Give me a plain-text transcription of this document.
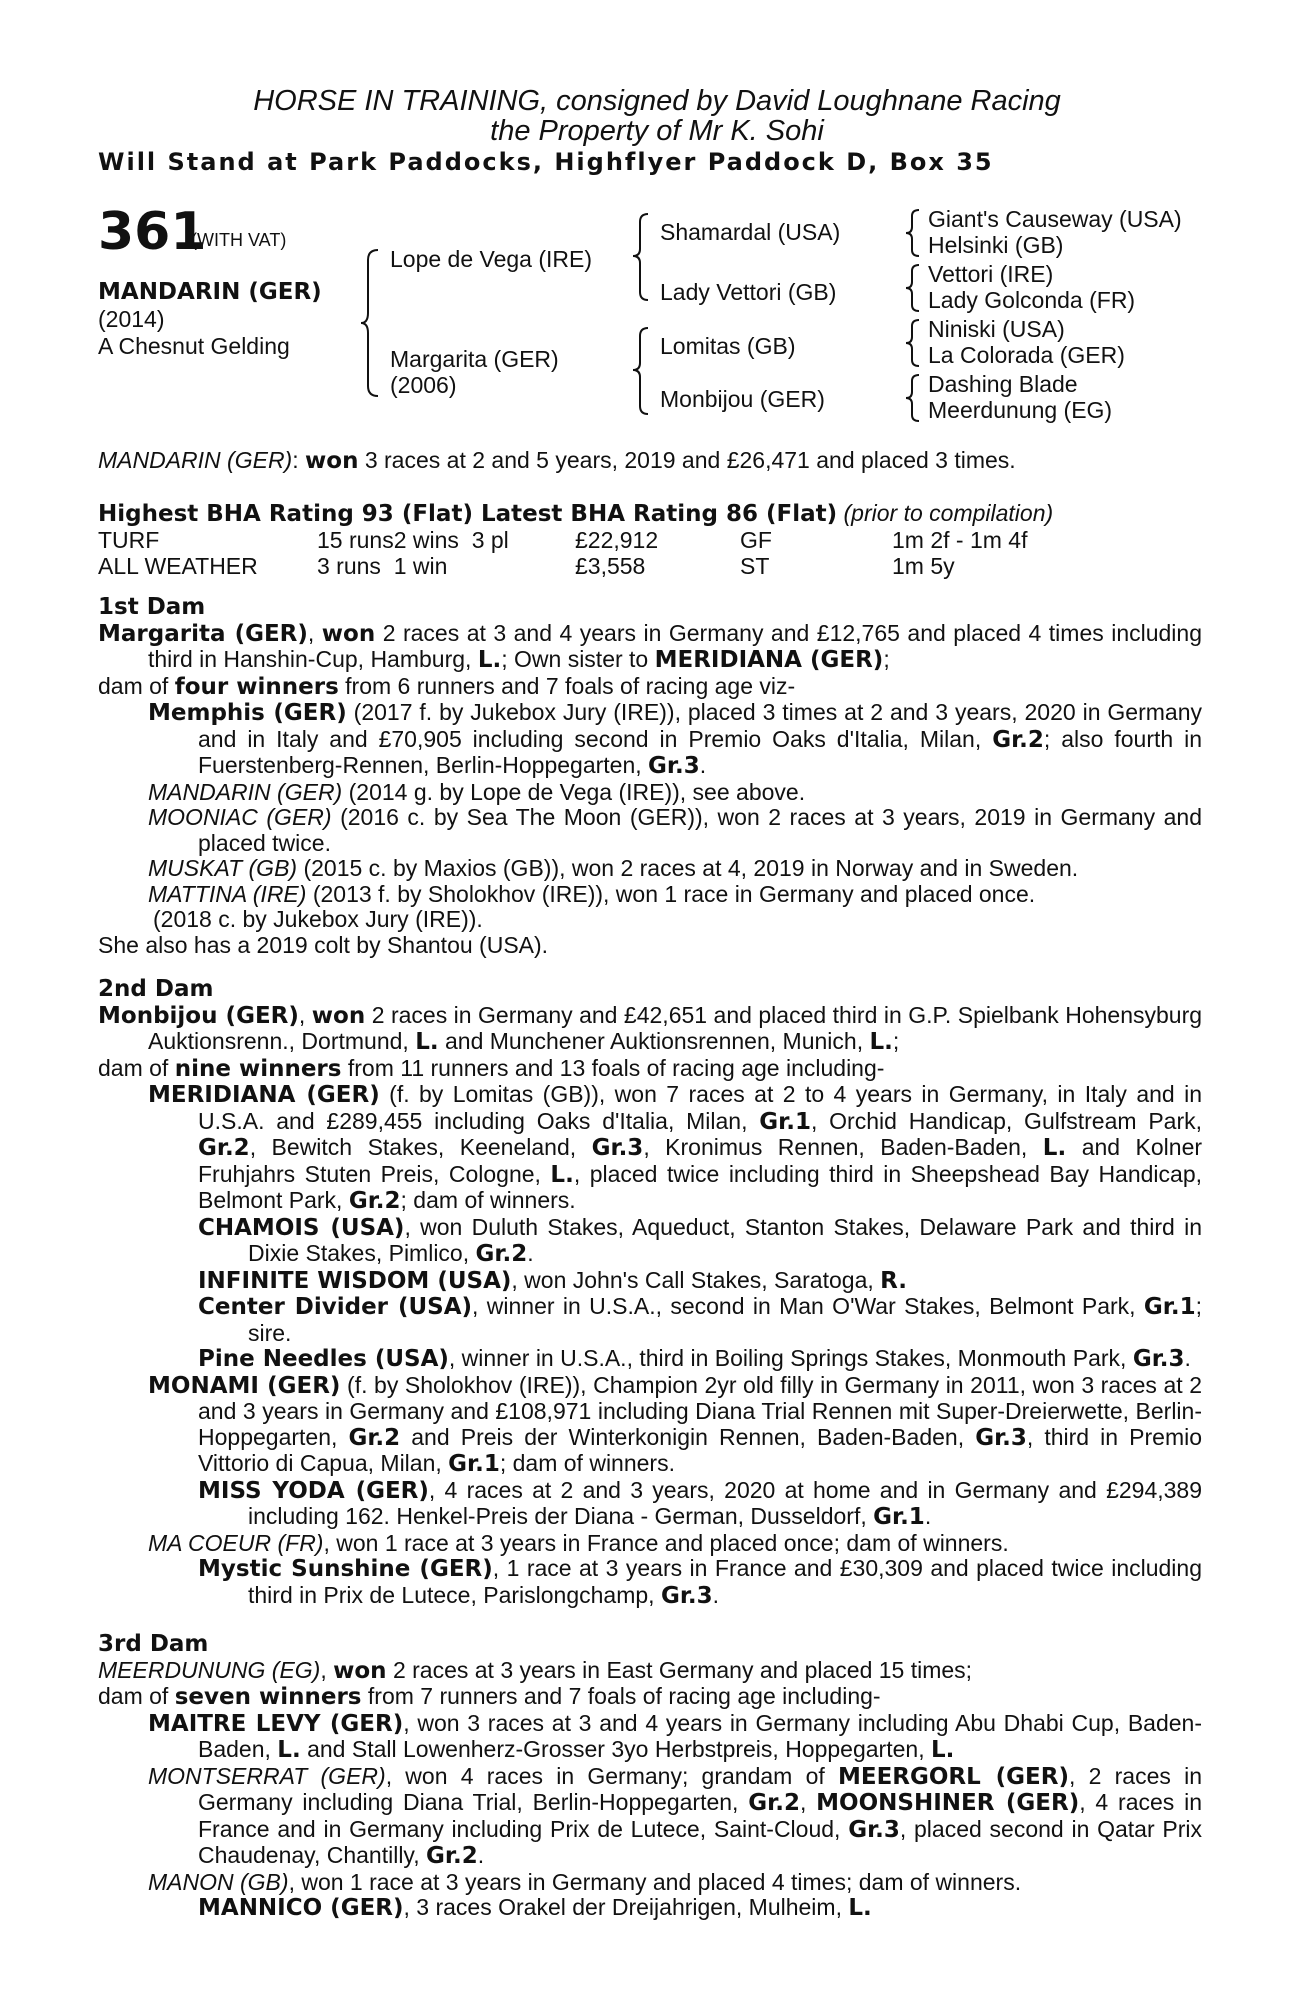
HORSE IN TRAINING, consigned by David Loughnane Racing
the Property of Mr K. Sohi
Will Stand at Park Paddocks, Highflyer Paddock D, Box 35
361
(WITH VAT)
MANDARIN (GER)
(2014)
A Chesnut Gelding
Lope de Vega (IRE)
Margarita (GER)
(2006)
Shamardal (USA)
Lady Vettori (GB)
Lomitas (GB)
Monbijou (GER)
Giant's Causeway (USA)
Helsinki (GB)
Vettori (IRE)
Lady Golconda (FR)
Niniski (USA)
La Colorada (GER)
Dashing Blade
Meerdunung (EG)
MANDARIN (GER): won 3 races at 2 and 5 years, 2019 and £26,471 and placed 3 times.
Highest BHA Rating 93 (Flat) Latest BHA Rating 86 (Flat) (prior to compilation)
TURF	15 runs2 wins  3 pl	£22,912	GF	1m 2f - 1m 4f
ALL WEATHER	3 runs  1 win	£3,558	ST	1m 5y
1st Dam
Margarita (GER), won 2 races at 3 and 4 years in Germany and £12,765 and placed 4 times including third in Hanshin-Cup, Hamburg, L.; Own sister to MERIDIANA (GER);
dam of four winners from 6 runners and 7 foals of racing age viz-
Memphis (GER) (2017 f. by Jukebox Jury (IRE)), placed 3 times at 2 and 3 years, 2020 in Germany and in Italy and £70,905 including second in Premio Oaks d'Italia, Milan, Gr.2; also fourth in Fuerstenberg-Rennen, Berlin-Hoppegarten, Gr.3.
MANDARIN (GER) (2014 g. by Lope de Vega (IRE)), see above.
MOONIAC (GER) (2016 c. by Sea The Moon (GER)), won 2 races at 3 years, 2019 in Germany and placed twice.
MUSKAT (GB) (2015 c. by Maxios (GB)), won 2 races at 4, 2019 in Norway and in Sweden.
MATTINA (IRE) (2013 f. by Sholokhov (IRE)), won 1 race in Germany and placed once.
(2018 c. by Jukebox Jury (IRE)).
She also has a 2019 colt by Shantou (USA).
2nd Dam
Monbijou (GER), won 2 races in Germany and £42,651 and placed third in G.P. Spielbank Hohensyburg Auktionsrenn., Dortmund, L. and Munchener Auktionsrennen, Munich, L.;
dam of nine winners from 11 runners and 13 foals of racing age including-
MERIDIANA (GER) (f. by Lomitas (GB)), won 7 races at 2 to 4 years in Germany, in Italy and in U.S.A. and £289,455 including Oaks d'Italia, Milan, Gr.1, Orchid Handicap, Gulfstream Park, Gr.2, Bewitch Stakes, Keeneland, Gr.3, Kronimus Rennen, Baden-Baden, L. and Kolner Fruhjahrs Stuten Preis, Cologne, L., placed twice including third in Sheepshead Bay Handicap, Belmont Park, Gr.2; dam of winners.
CHAMOIS (USA), won Duluth Stakes, Aqueduct, Stanton Stakes, Delaware Park and third in Dixie Stakes, Pimlico, Gr.2.
INFINITE WISDOM (USA), won John's Call Stakes, Saratoga, R.
Center Divider (USA), winner in U.S.A., second in Man O'War Stakes, Belmont Park, Gr.1; sire.
Pine Needles (USA), winner in U.S.A., third in Boiling Springs Stakes, Monmouth Park, Gr.3.
MONAMI (GER) (f. by Sholokhov (IRE)), Champion 2yr old filly in Germany in 2011, won 3 races at 2 and 3 years in Germany and £108,971 including Diana Trial Rennen mit Super-Dreierwette, Berlin-Hoppegarten, Gr.2 and Preis der Winterkonigin Rennen, Baden-Baden, Gr.3, third in Premio Vittorio di Capua, Milan, Gr.1; dam of winners.
MISS YODA (GER), 4 races at 2 and 3 years, 2020 at home and in Germany and £294,389 including 162. Henkel-Preis der Diana - German, Dusseldorf, Gr.1.
MA COEUR (FR), won 1 race at 3 years in France and placed once; dam of winners.
Mystic Sunshine (GER), 1 race at 3 years in France and £30,309 and placed twice including third in Prix de Lutece, Parislongchamp, Gr.3.
3rd Dam
MEERDUNUNG (EG), won 2 races at 3 years in East Germany and placed 15 times;
dam of seven winners from 7 runners and 7 foals of racing age including-
MAITRE LEVY (GER), won 3 races at 3 and 4 years in Germany including Abu Dhabi Cup, Baden-Baden, L. and Stall Lowenherz-Grosser 3yo Herbstpreis, Hoppegarten, L.
MONTSERRAT (GER), won 4 races in Germany; grandam of MEERGORL (GER), 2 races in Germany including Diana Trial, Berlin-Hoppegarten, Gr.2, MOONSHINER (GER), 4 races in France and in Germany including Prix de Lutece, Saint-Cloud, Gr.3, placed second in Qatar Prix Chaudenay, Chantilly, Gr.2.
MANON (GB), won 1 race at 3 years in Germany and placed 4 times; dam of winners.
MANNICO (GER), 3 races Orakel der Dreijahrigen, Mulheim, L.
